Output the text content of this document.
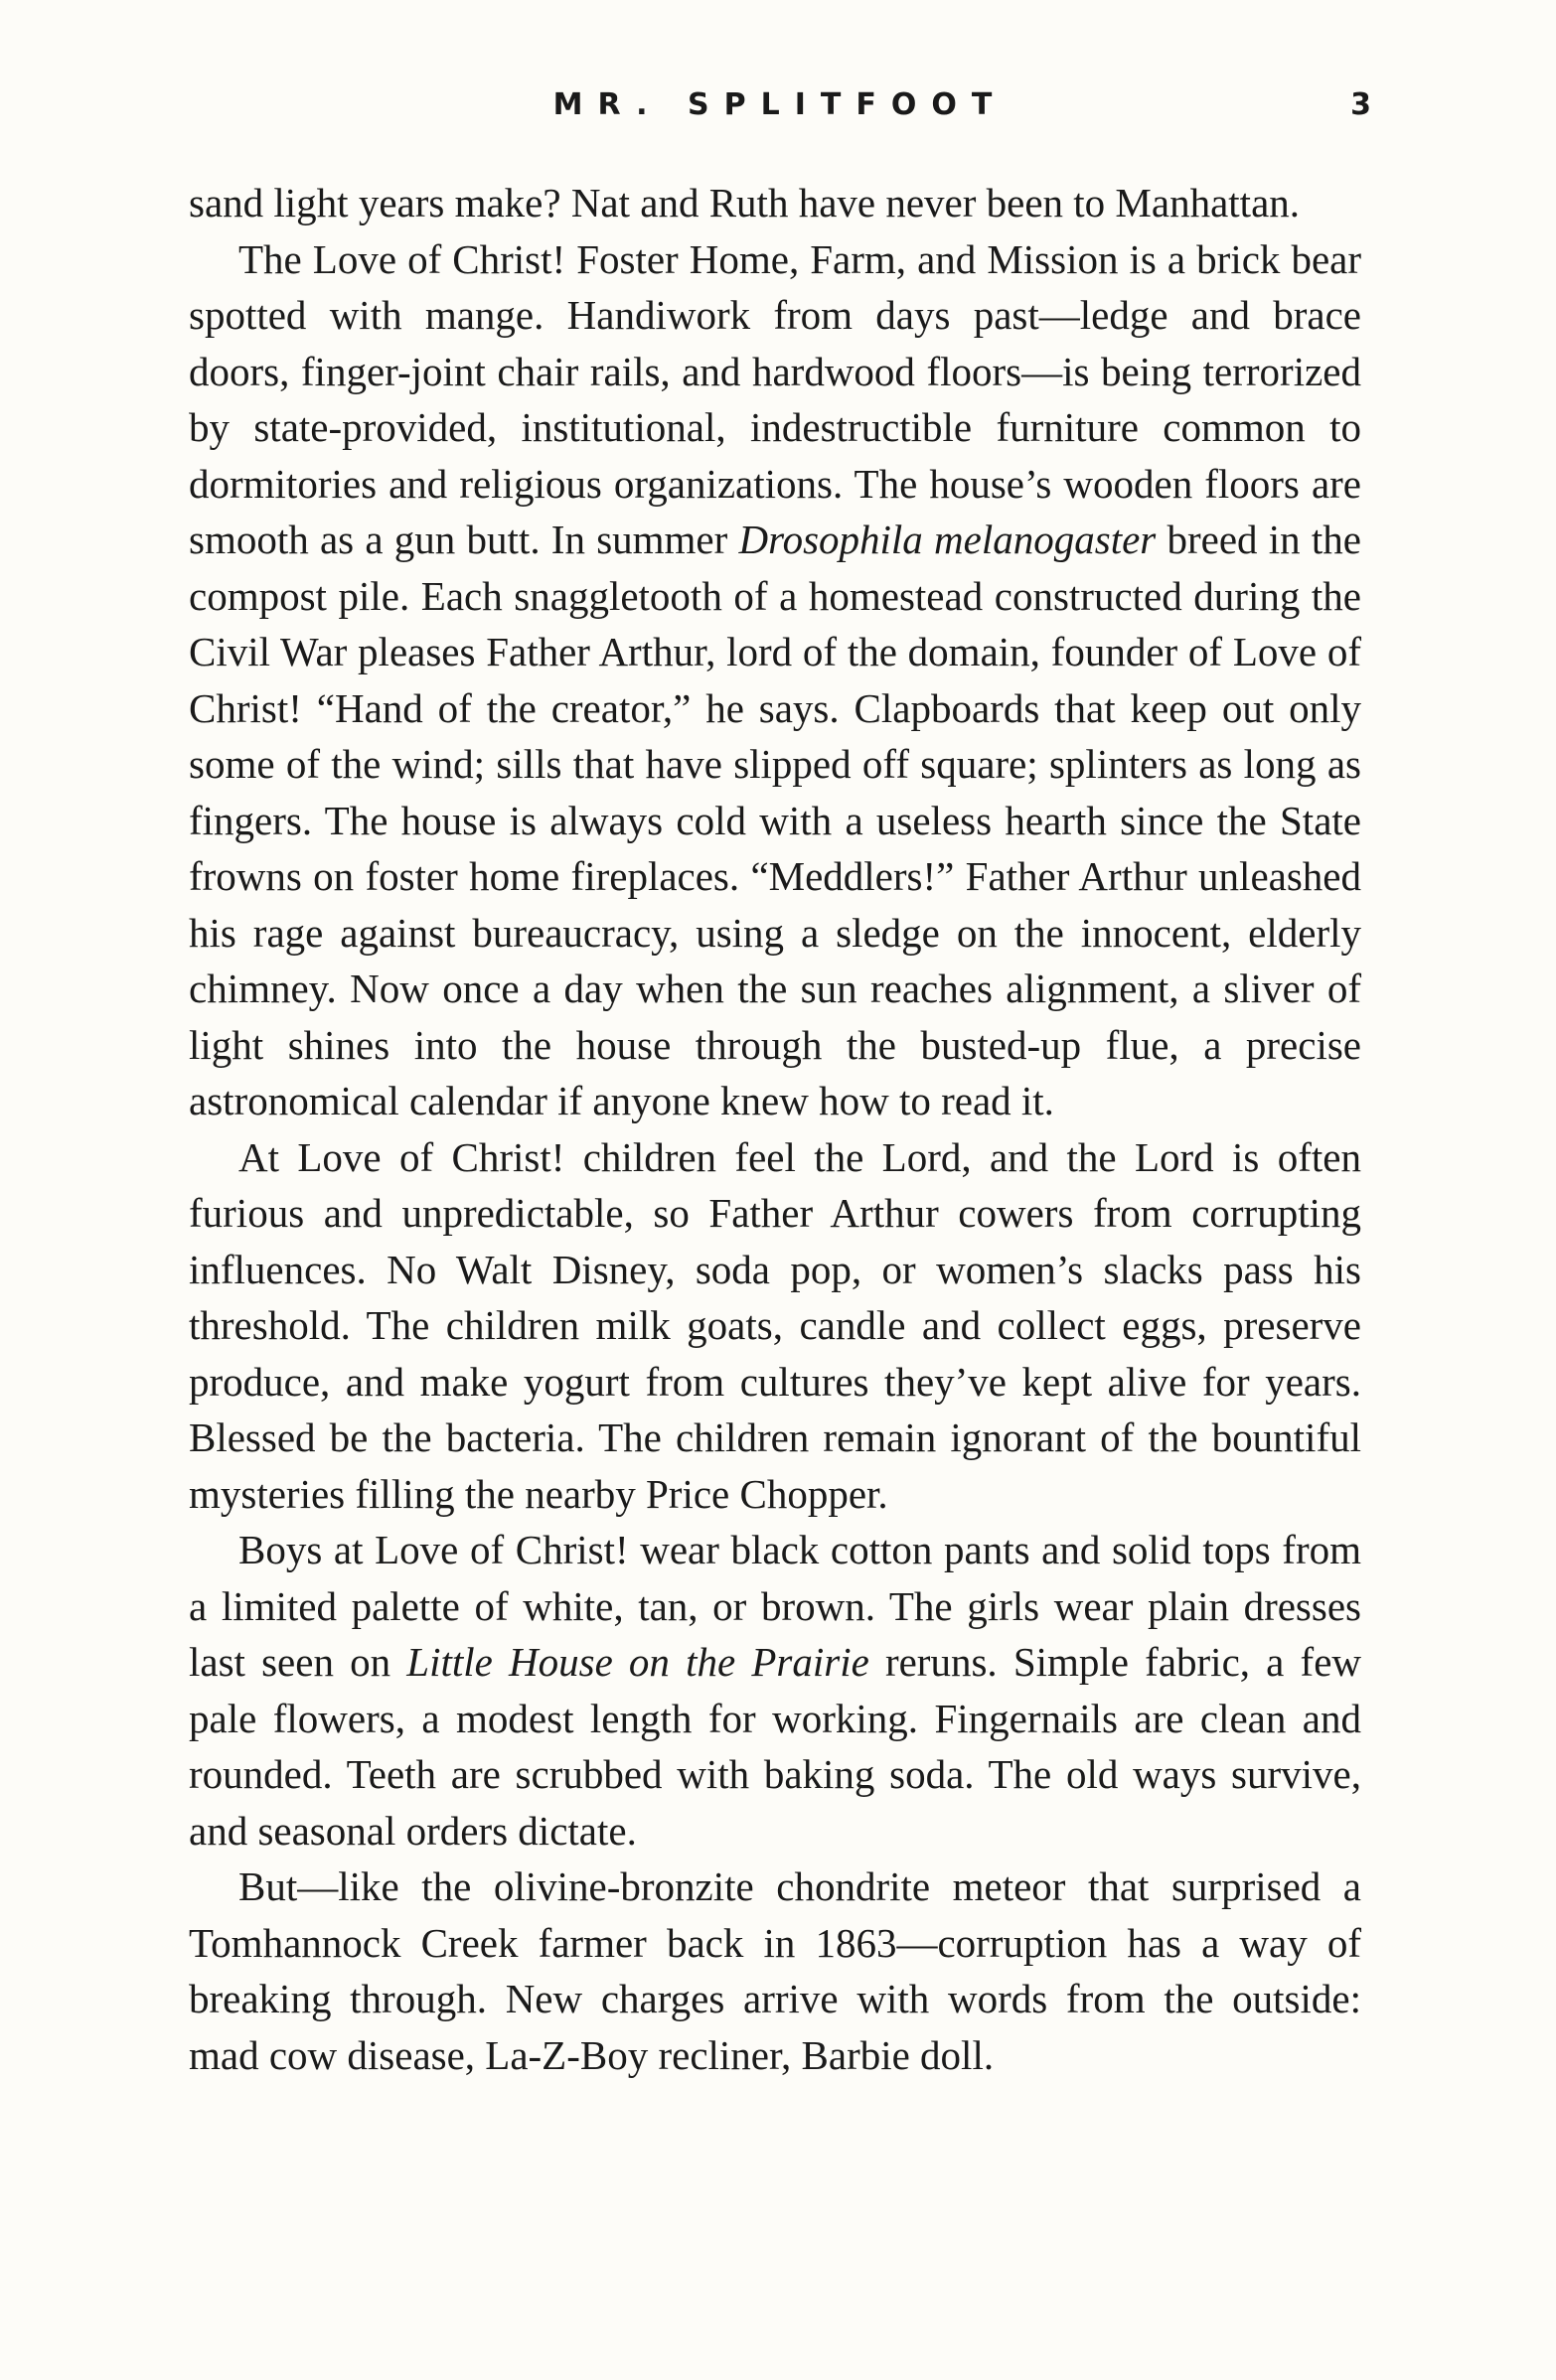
MR. SPLITFOOT	3

sand light years make? Nat and Ruth have never been to Manhattan.

The Love of Christ! Foster Home, Farm, and Mission is a brick bear spotted with mange. Handiwork from days past—ledge and brace doors, finger-joint chair rails, and hardwood floors—is being terrorized by state-provided, institutional, indestructible furniture common to dormitories and religious organizations. The house’s wooden floors are smooth as a gun butt. In summer Drosophila melanogaster breed in the compost pile. Each snaggletooth of a homestead constructed during the Civil War pleases Father Arthur, lord of the domain, founder of Love of Christ! “Hand of the creator,” he says. Clapboards that keep out only some of the wind; sills that have slipped off square; splinters as long as fingers. The house is always cold with a useless hearth since the State frowns on foster home fireplaces. “Meddlers!” Father Arthur unleashed his rage against bureaucracy, using a sledge on the innocent, elderly chimney. Now once a day when the sun reaches alignment, a sliver of light shines into the house through the busted-up flue, a precise astronomical calendar if anyone knew how to read it.

At Love of Christ! children feel the Lord, and the Lord is often furious and unpredictable, so Father Arthur cowers from corrupting influences. No Walt Disney, soda pop, or women’s slacks pass his threshold. The children milk goats, candle and collect eggs, preserve produce, and make yogurt from cultures they’ve kept alive for years. Blessed be the bacteria. The children remain ignorant of the bountiful mysteries filling the nearby Price Chopper.

Boys at Love of Christ! wear black cotton pants and solid tops from a limited palette of white, tan, or brown. The girls wear plain dresses last seen on Little House on the Prairie reruns. Simple fabric, a few pale flowers, a modest length for working. Fingernails are clean and rounded. Teeth are scrubbed with baking soda. The old ways survive, and seasonal orders dictate.

But—like the olivine-bronzite chondrite meteor that surprised a Tomhannock Creek farmer back in 1863—corruption has a way of breaking through. New charges arrive with words from the outside: mad cow disease, La-Z-Boy recliner, Barbie doll.
